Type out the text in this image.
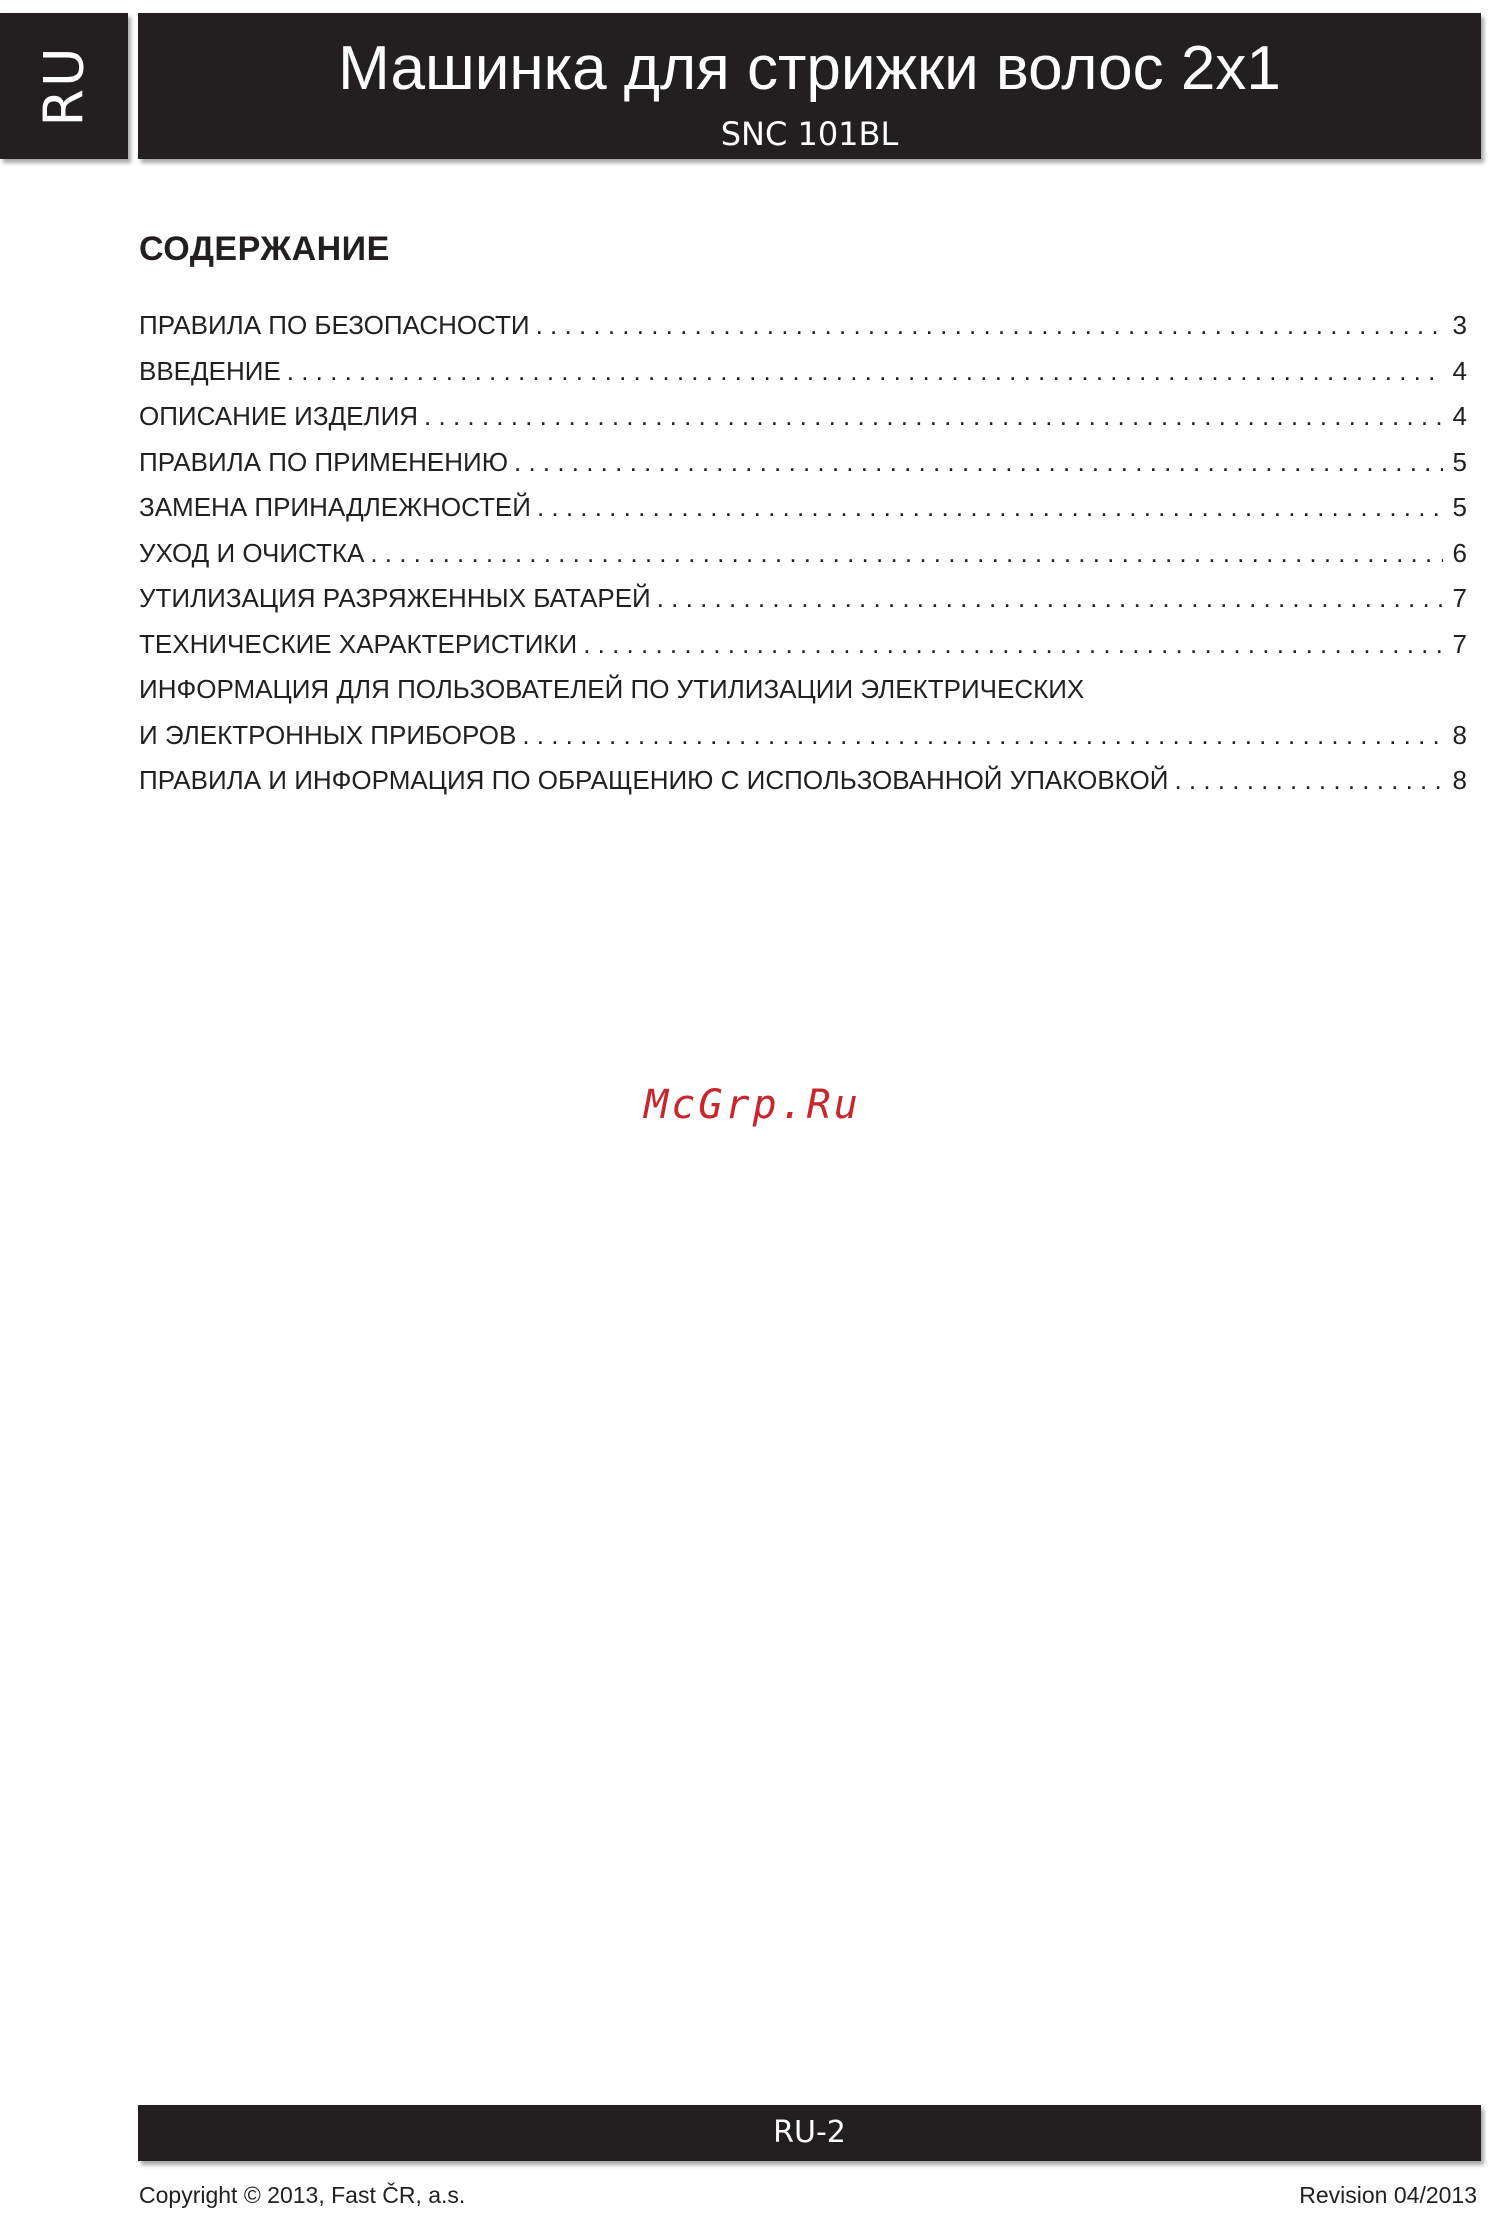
RU	Машинка для стрижки волос 2x1
SNC 101BL
СОДЕРЖАНИЕ
ПРАВИЛА ПО БЕЗОПАСНОСТИ . . .	3
ВВЕДЕНИЕ . . .	4
ОПИСАНИЕ ИЗДЕЛИЯ . . .	4
ПРАВИЛА ПО ПРИМЕНЕНИЮ . . .	5
ЗАМЕНА ПРИНАДЛЕЖНОСТЕЙ . . .	5
УХОД И ОЧИСТКА . . .	6
УТИЛИЗАЦИЯ РАЗРЯЖЕННЫХ БАТАРЕЙ . . .	7
ТЕХНИЧЕСКИЕ ХАРАКТЕРИСТИКИ . . .	7
ИНФОРМАЦИЯ ДЛЯ ПОЛЬЗОВАТЕЛЕЙ ПО УТИЛИЗАЦИИ ЭЛЕКТРИЧЕСКИХ
И ЭЛЕКТРОННЫХ ПРИБОРОВ . . .	8
ПРАВИЛА И ИНФОРМАЦИЯ ПО ОБРАЩЕНИЮ С ИСПОЛЬЗОВАННОЙ УПАКОВКОЙ . . .	8
McGrp.Ru
RU-2
Copyright © 2013, Fast ČR, a.s.	Revision 04/2013
